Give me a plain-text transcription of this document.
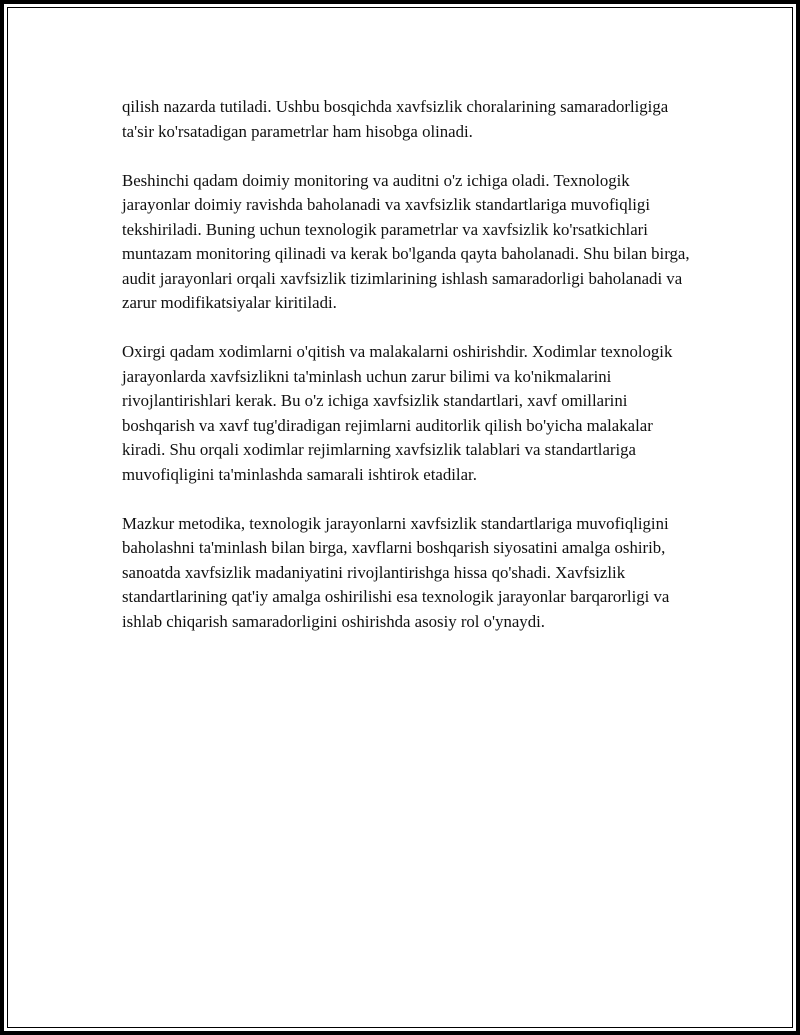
qilish nazarda tutiladi. Ushbu bosqichda xavfsizlik choralarining samaradorligiga ta'sir ko'rsatadigan parametrlar ham hisobga olinadi.

Beshinchi qadam doimiy monitoring va auditni o'z ichiga oladi. Texnologik jarayonlar doimiy ravishda baholanadi va xavfsizlik standartlariga muvofiqligi tekshiriladi. Buning uchun texnologik parametrlar va xavfsizlik ko'rsatkichlari muntazam monitoring qilinadi va kerak bo'lganda qayta baholanadi. Shu bilan birga, audit jarayonlari orqali xavfsizlik tizimlarining ishlash samaradorligi baholanadi va zarur modifikatsiyalar kiritiladi.

Oxirgi qadam xodimlarni o'qitish va malakalarni oshirishdir. Xodimlar texnologik jarayonlarda xavfsizlikni ta'minlash uchun zarur bilimi va ko'nikmalarini rivojlantirishlari kerak. Bu o'z ichiga xavfsizlik standartlari, xavf omillarini boshqarish va xavf tug'diradigan rejimlarni auditorlik qilish bo'yicha malakalar kiradi. Shu orqali xodimlar rejimlarning xavfsizlik talablari va standartlariga muvofiqligini ta'minlashda samarali ishtirok etadilar.

Mazkur metodika, texnologik jarayonlarni xavfsizlik standartlariga muvofiqligini baholashni ta'minlash bilan birga, xavflarni boshqarish siyosatini amalga oshirib, sanoatda xavfsizlik madaniyatini rivojlantirishga hissa qo'shadi. Xavfsizlik standartlarining qat'iy amalga oshirilishi esa texnologik jarayonlar barqarorligi va ishlab chiqarish samaradorligini oshirishda asosiy rol o'ynaydi.
